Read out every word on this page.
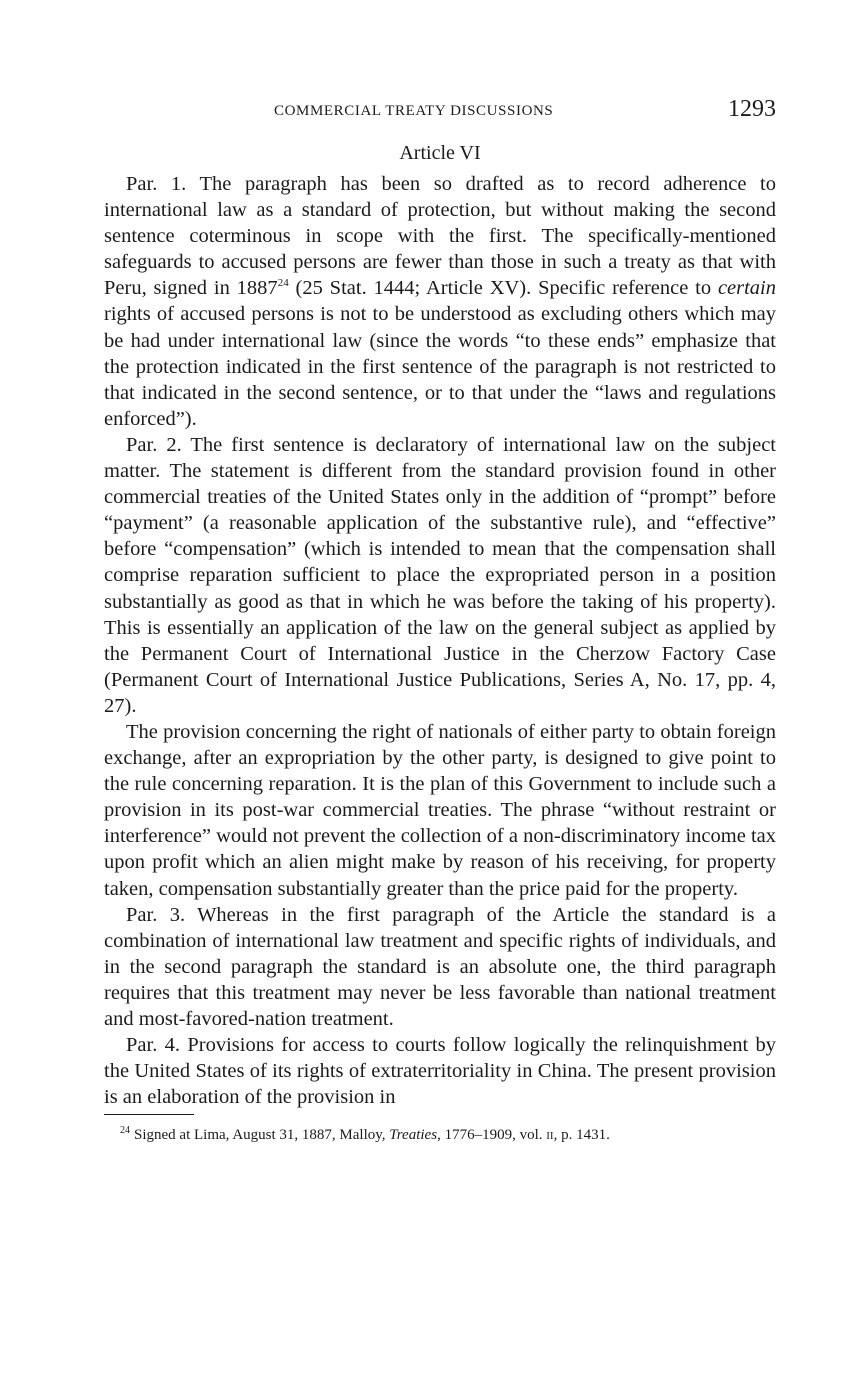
COMMERCIAL TREATY DISCUSSIONS	1293
Article VI

Par. 1. The paragraph has been so drafted as to record adherence to international law as a standard of protection, but without making the second sentence coterminous in scope with the first. The specifically-mentioned safeguards to accused persons are fewer than those in such a treaty as that with Peru, signed in 1887$^{24}$ (25 Stat. 1444; Article XV). Specific reference to certain rights of accused persons is not to be understood as excluding others which may be had under international law (since the words “to these ends” emphasize that the protection indicated in the first sentence of the paragraph is not restricted to that indicated in the second sentence, or to that under the “laws and regulations enforced”).

Par. 2. The first sentence is declaratory of international law on the subject matter. The statement is different from the standard provision found in other commercial treaties of the United States only in the addition of “prompt” before “payment” (a reasonable application of the substantive rule), and “effective” before “compensation” (which is intended to mean that the compensation shall comprise reparation sufficient to place the expropriated person in a position substantially as good as that in which he was before the taking of his property). This is essentially an application of the law on the general subject as applied by the Permanent Court of International Justice in the Cherzow Factory Case (Permanent Court of International Justice Publications, Series A, No. 17, pp. 4, 27).

The provision concerning the right of nationals of either party to obtain foreign exchange, after an expropriation by the other party, is designed to give point to the rule concerning reparation. It is the plan of this Government to include such a provision in its post-war commercial treaties. The phrase “without restraint or interference” would not prevent the collection of a non-discriminatory income tax upon profit which an alien might make by reason of his receiving, for property taken, compensation substantially greater than the price paid for the property.

Par. 3. Whereas in the first paragraph of the Article the standard is a combination of international law treatment and specific rights of individuals, and in the second paragraph the standard is an absolute one, the third paragraph requires that this treatment may never be less favorable than national treatment and most-favored-nation treatment.

Par. 4. Provisions for access to courts follow logically the relinquishment by the United States of its rights of extraterritoriality in China. The present provision is an elaboration of the provision in

$^{24}$ Signed at Lima, August 31, 1887, Malloy, Treaties, 1776–1909, vol. II, p. 1431.
